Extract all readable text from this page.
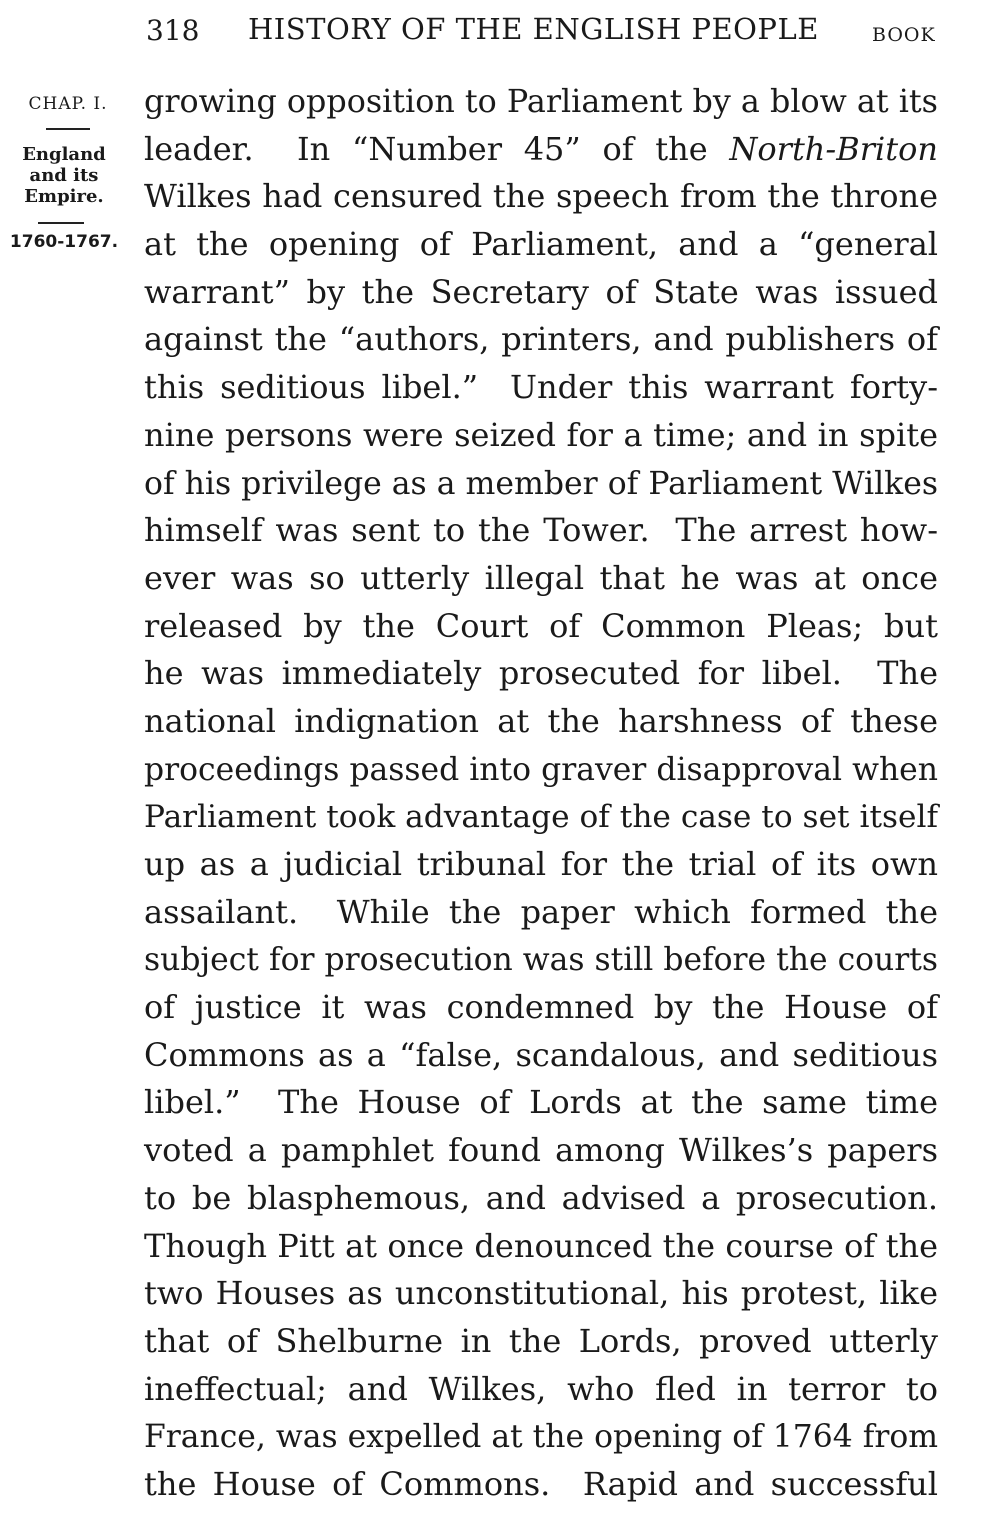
318 HISTORY OF THE ENGLISH PEOPLE	BOOK
CHAP. I.
England
and its
Empire.
1760-1767.
growing opposition to Parliament by a blow at its
leader.  In “Number 45” of the North-Briton
Wilkes had censured the speech from the throne
at the opening of Parliament, and a “general
warrant” by the Secretary of State was issued
against the “authors, printers, and publishers of
this seditious libel.”  Under this warrant forty-
nine persons were seized for a time; and in spite
of his privilege as a member of Parliament Wilkes
himself was sent to the Tower.  The arrest how-
ever was so utterly illegal that he was at once
released by the Court of Common Pleas; but
he was immediately prosecuted for libel.  The
national indignation at the harshness of these
proceedings passed into graver disapproval when
Parliament took advantage of the case to set itself
up as a judicial tribunal for the trial of its own
assailant.  While the paper which formed the
subject for prosecution was still before the courts
of justice it was condemned by the House of
Commons as a “false, scandalous, and seditious
libel.”  The House of Lords at the same time
voted a pamphlet found among Wilkes’s papers
to be blasphemous, and advised a prosecution.
Though Pitt at once denounced the course of the
two Houses as unconstitutional, his protest, like
that of Shelburne in the Lords, proved utterly
ineffectual; and Wilkes, who fled in terror to
France, was expelled at the opening of 1764 from
the House of Commons.  Rapid and successful
